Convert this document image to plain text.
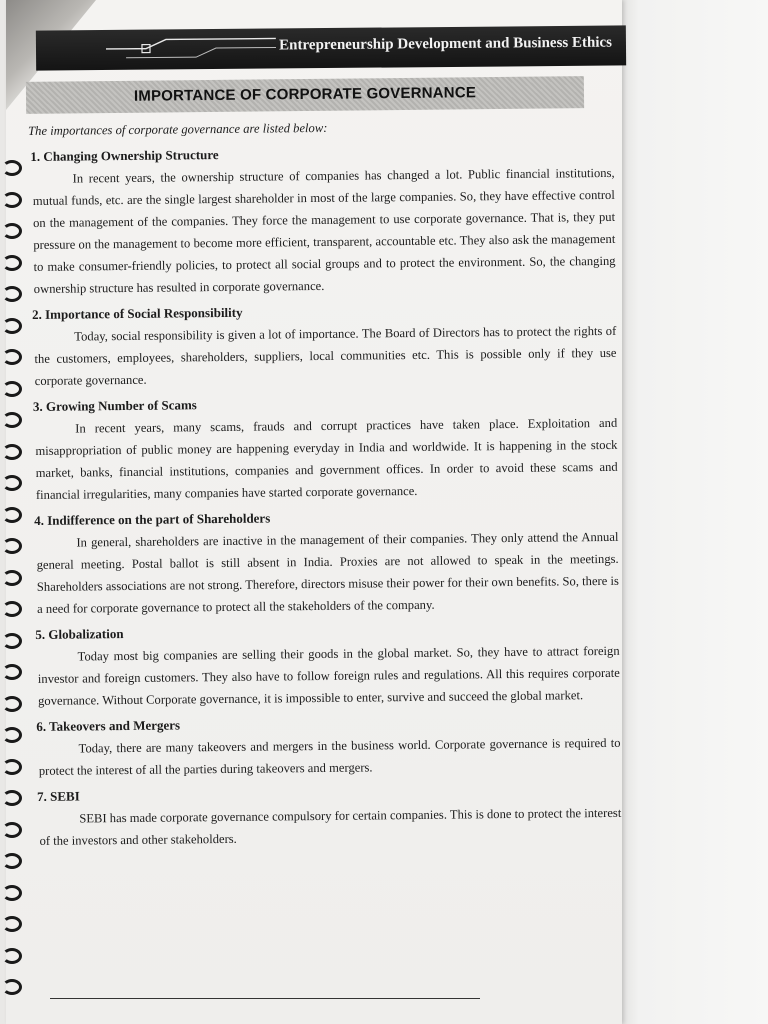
Entrepreneurship Development and Business Ethics
IMPORTANCE OF CORPORATE GOVERNANCE

The importances of corporate governance are listed below:

1. Changing Ownership Structure

In recent years, the ownership structure of companies has changed a lot. Public financial institutions, mutual funds, etc. are the single largest shareholder in most of the large companies. So, they have effective control on the management of the companies. They force the management to use corporate governance. That is, they put pressure on the management to become more efficient, transparent, accountable etc. They also ask the management to make consumer-friendly policies, to protect all social groups and to protect the environment. So, the changing ownership structure has resulted in corporate governance.

2. Importance of Social Responsibility

Today, social responsibility is given a lot of importance. The Board of Directors has to protect the rights of the customers, employees, shareholders, suppliers, local communities etc. This is possible only if they use corporate governance.

3. Growing Number of Scams

In recent years, many scams, frauds and corrupt practices have taken place. Exploitation and misappropriation of public money are happening everyday in India and worldwide. It is happening in the stock market, banks, financial institutions, companies and government offices. In order to avoid these scams and financial irregularities, many companies have started corporate governance.

4. Indifference on the part of Shareholders

In general, shareholders are inactive in the management of their companies. They only attend the Annual general meeting. Postal ballot is still absent in India. Proxies are not allowed to speak in the meetings. Shareholders associations are not strong. Therefore, directors misuse their power for their own benefits. So, there is a need for corporate governance to protect all the stakeholders of the company.

5. Globalization

Today most big companies are selling their goods in the global market. So, they have to attract foreign investor and foreign customers. They also have to follow foreign rules and regulations. All this requires corporate governance. Without Corporate governance, it is impossible to enter, survive and succeed the global market.

6. Takeovers and Mergers

Today, there are many takeovers and mergers in the business world. Corporate governance is required to protect the interest of all the parties during takeovers and mergers.

7. SEBI

SEBI has made corporate governance compulsory for certain companies. This is done to protect the interest of the investors and other stakeholders.
